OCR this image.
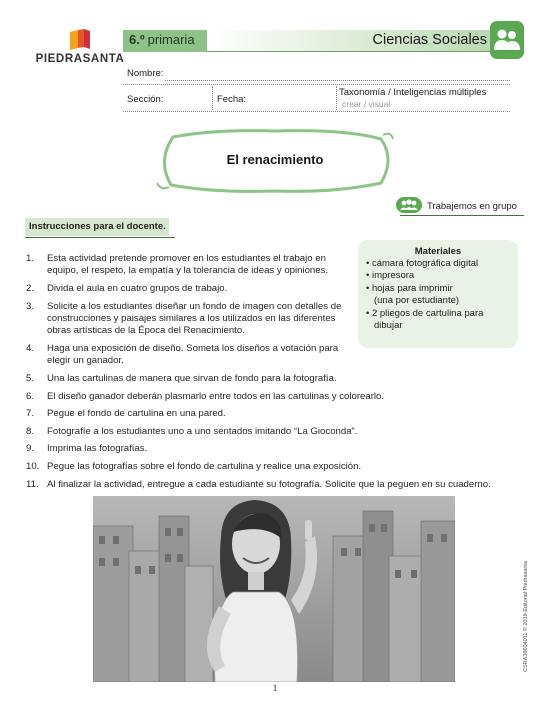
PIEDRASANTA
6.º primaria	Ciencias Sociales
Nombre:
Sección:	Fecha:
Taxonomía / Inteligencias múltiples
crear / visual
El renacimiento
Trabajemos en grupo
Instrucciones para el docente.
Materiales
• cámara fotográfica digital
• impresora
• hojas para imprimir
(una por estudiante)
• 2 pliegos de cartulina para dibujar
1.	Esta actividad pretende promover en los estudiantes el trabajo en equipo, el respeto, la empatía y la tolerancia de ideas y opiniones.
2.	Divida el aula en cuatro grupos de trabajo.
3.	Solicite a los estudiantes diseñar un fondo de imagen con detalles de construcciones y paisajes similares a los utilizados en las diferentes obras artísticas de la Época del Renacimiento.
4.	Haga una exposición de diseño. Someta los diseños a votación para elegir un ganador.
5.	Una las cartulinas de manera que sirvan de fondo para la fotografía.
6.	El diseño ganador deberán plasmarlo entre todos en las cartulinas y colorearlo.
7.	Pegue el fondo de cartulina en una pared.
8.	Fotografíe a los estudiantes uno a uno sentados imitando “La Gioconda”.
9.	Imprima las fotografías.
10. Pegue las fotografías sobre el fondo de cartulina y realice una exposición.
11. Al finalizar la actividad, entregue a cada estudiante su fotografía. Solicite que la peguen en su cuaderno.
1
CSRA38604011 © 2018 Editorial Piedrasanta
